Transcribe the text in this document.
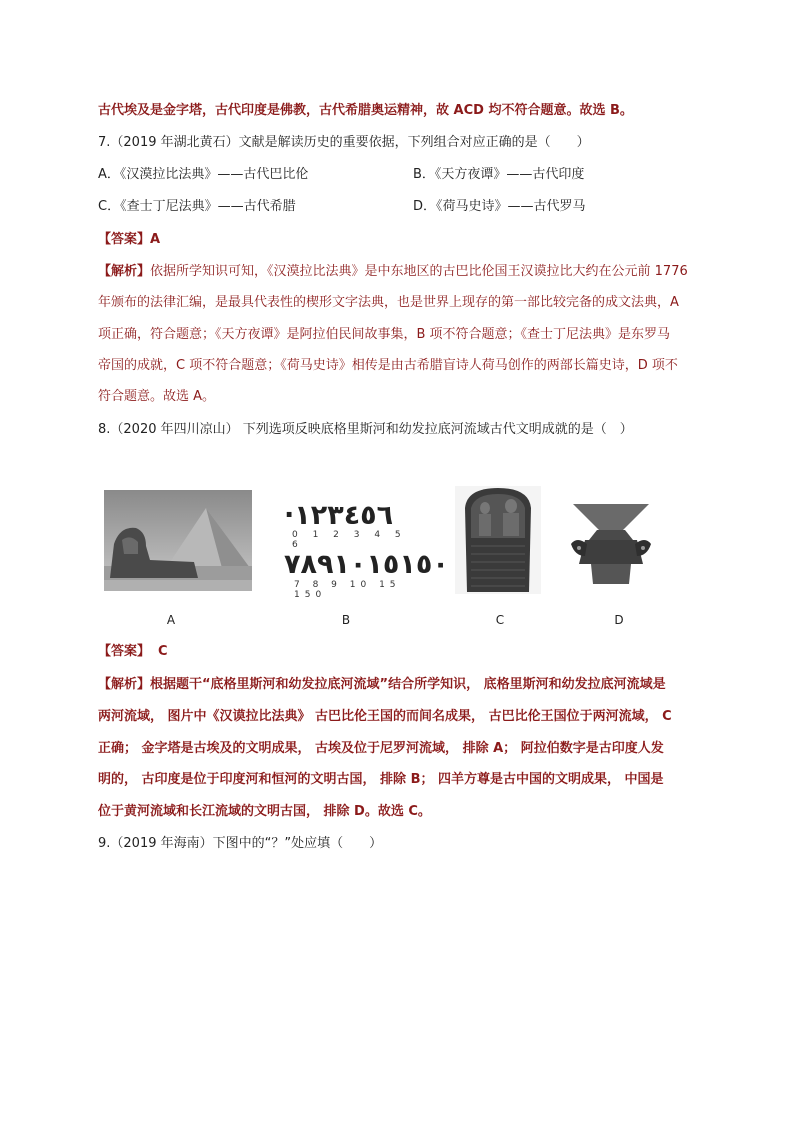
古代埃及是金字塔，古代印度是佛教，古代希腊奥运精神，故 ACD 均不符合题意。故选 B。
7.（2019 年湖北黄石）文献是解读历史的重要依据，下列组合对应正确的是（　　）
A．《汉漠拉比法典》——古代巴比伦	B．《天方夜谭》——古代印度
C．《查士丁尼法典》——古代希腊	D．《荷马史诗》——古代罗马
【答案】A
【解析】依据所学知识可知，《汉漠拉比法典》是中东地区的古巴比伦国王汉谟拉比大约在公元前 1776
年颁布的法律汇编，是最具代表性的楔形文字法典，也是世界上现存的第一部比较完备的成文法典，A
项正确，符合题意；《天方夜谭》是阿拉伯民间故事集，B 项不符合题意；《查士丁尼法典》是东罗马
帝国的成就，C 项不符合题意；《荷马史诗》相传是由古希腊盲诗人荷马创作的两部长篇史诗，D 项不
符合题意。故选 A。
8.（2020 年四川凉山） 下列选项反映底格里斯河和幼发拉底河流域古代文明成就的是（　）
A
·١٢٣٤٥٦
0 1 2 3 4 5 6
٧٨٩١٠١٥١٥٠
7 8 9 10 15 150
B	C	D
【答案】 C
【解析】根据题干“底格里斯河和幼发拉底河流域”结合所学知识， 底格里斯河和幼发拉底河流域是
两河流域， 图片中《汉谟拉比法典》 古巴比伦王国的而间名成果， 古巴比伦王国位于两河流域， C
正确； 金字塔是古埃及的文明成果， 古埃及位于尼罗河流域， 排除 A； 阿拉伯数字是古印度人发
明的， 古印度是位于印度河和恒河的文明古国， 排除 B； 四羊方尊是古中国的文明成果， 中国是
位于黄河流域和长江流域的文明古国， 排除 D。故选 C。
9.（2019 年海南）下图中的“？”处应填（　　）
